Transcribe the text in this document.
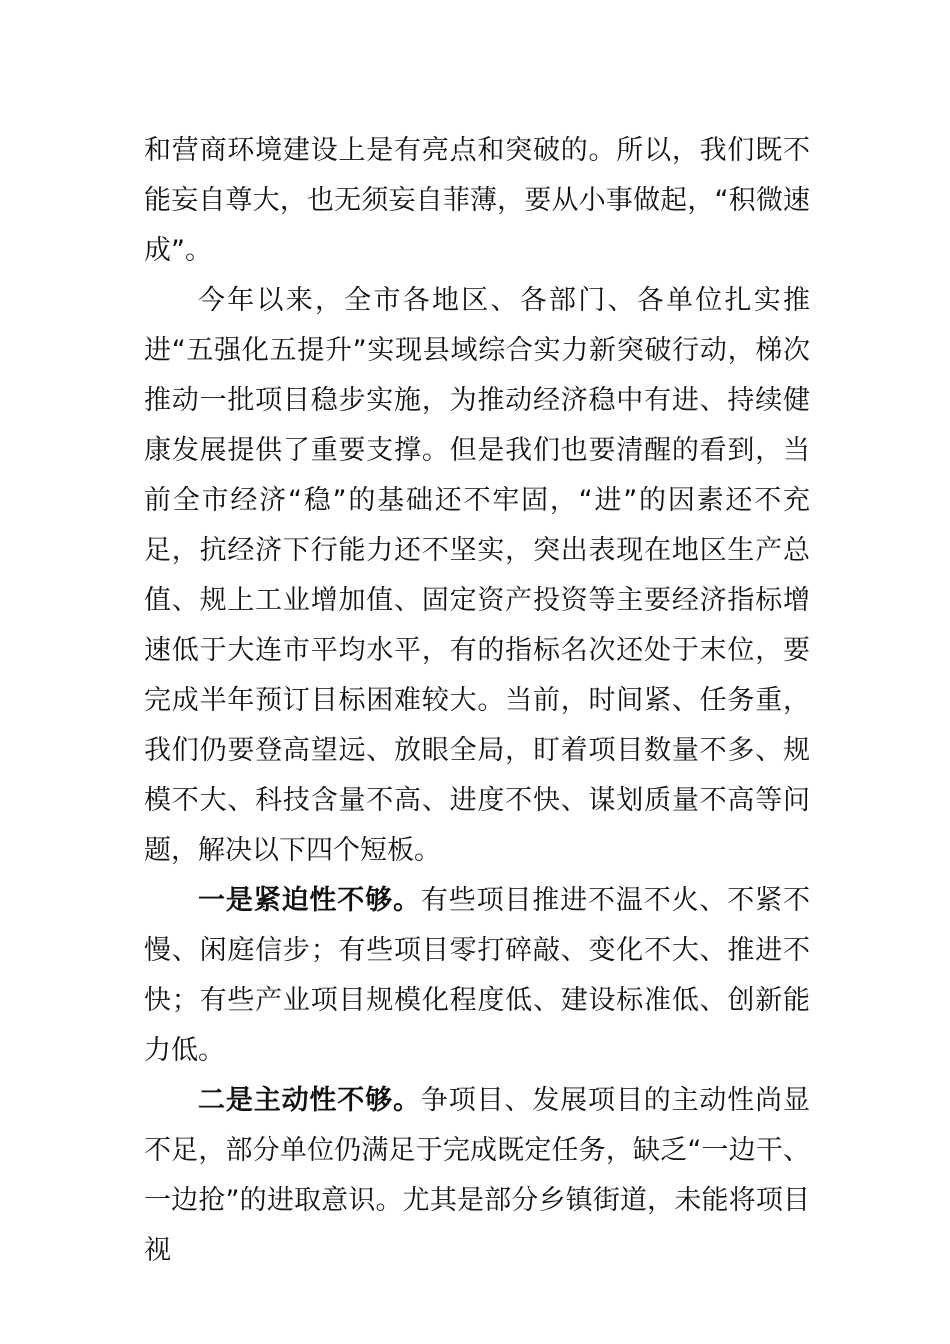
和营商环境建设上是有亮点和突破的。所以，我们既不能妄自尊大，也无须妄自菲薄，要从小事做起，“积微速成”。

今年以来，全市各地区、各部门、各单位扎实推进“五强化五提升”实现县域综合实力新突破行动，梯次推动一批项目稳步实施，为推动经济稳中有进、持续健康发展提供了重要支撑。但是我们也要清醒的看到，当前全市经济“稳”的基础还不牢固，“进”的因素还不充足，抗经济下行能力还不坚实，突出表现在地区生产总值、规上工业增加值、固定资产投资等主要经济指标增速低于大连市平均水平，有的指标名次还处于末位，要完成半年预订目标困难较大。当前，时间紧、任务重，我们仍要登高望远、放眼全局，盯着项目数量不多、规模不大、科技含量不高、进度不快、谋划质量不高等问题，解决以下四个短板。

一是紧迫性不够。有些项目推进不温不火、不紧不慢、闲庭信步；有些项目零打碎敲、变化不大、推进不快；有些产业项目规模化程度低、建设标准低、创新能力低。

二是主动性不够。争项目、发展项目的主动性尚显不足，部分单位仍满足于完成既定任务，缺乏“一边干、一边抢”的进取意识。尤其是部分乡镇街道，未能将项目视
